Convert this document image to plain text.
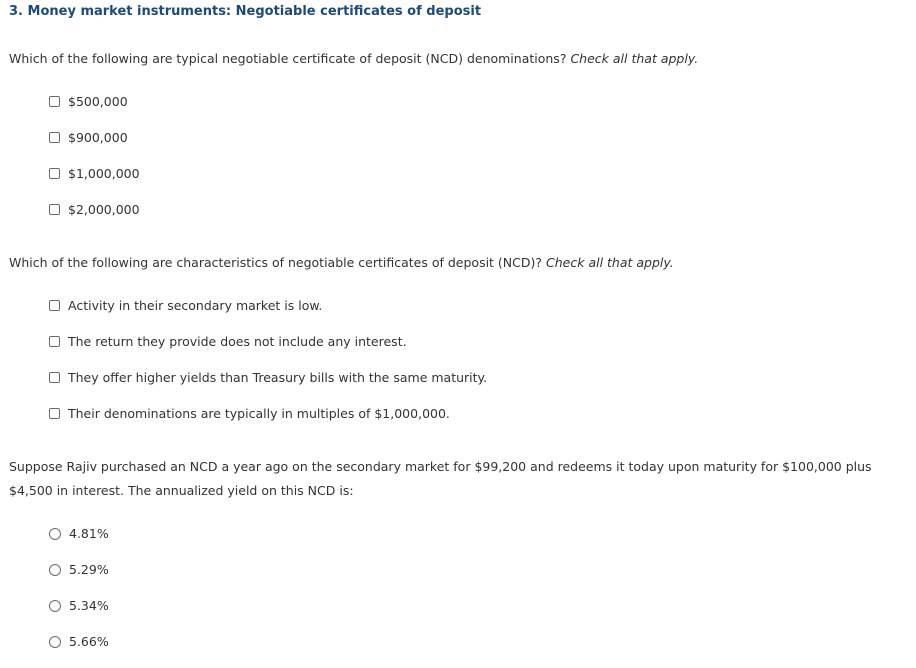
3. Money market instruments: Negotiable certificates of deposit
Which of the following are typical negotiable certificate of deposit (NCD) denominations? Check all that apply.
$500,000
$900,000
$1,000,000
$2,000,000
Which of the following are characteristics of negotiable certificates of deposit (NCD)? Check all that apply.
Activity in their secondary market is low.
The return they provide does not include any interest.
They offer higher yields than Treasury bills with the same maturity.
Their denominations are typically in multiples of $1,000,000.
Suppose Rajiv purchased an NCD a year ago on the secondary market for $99,200 and redeems it today upon maturity for $100,000 plus $4,500 in interest. The annualized yield on this NCD is:
4.81%
5.29%
5.34%
5.66%
